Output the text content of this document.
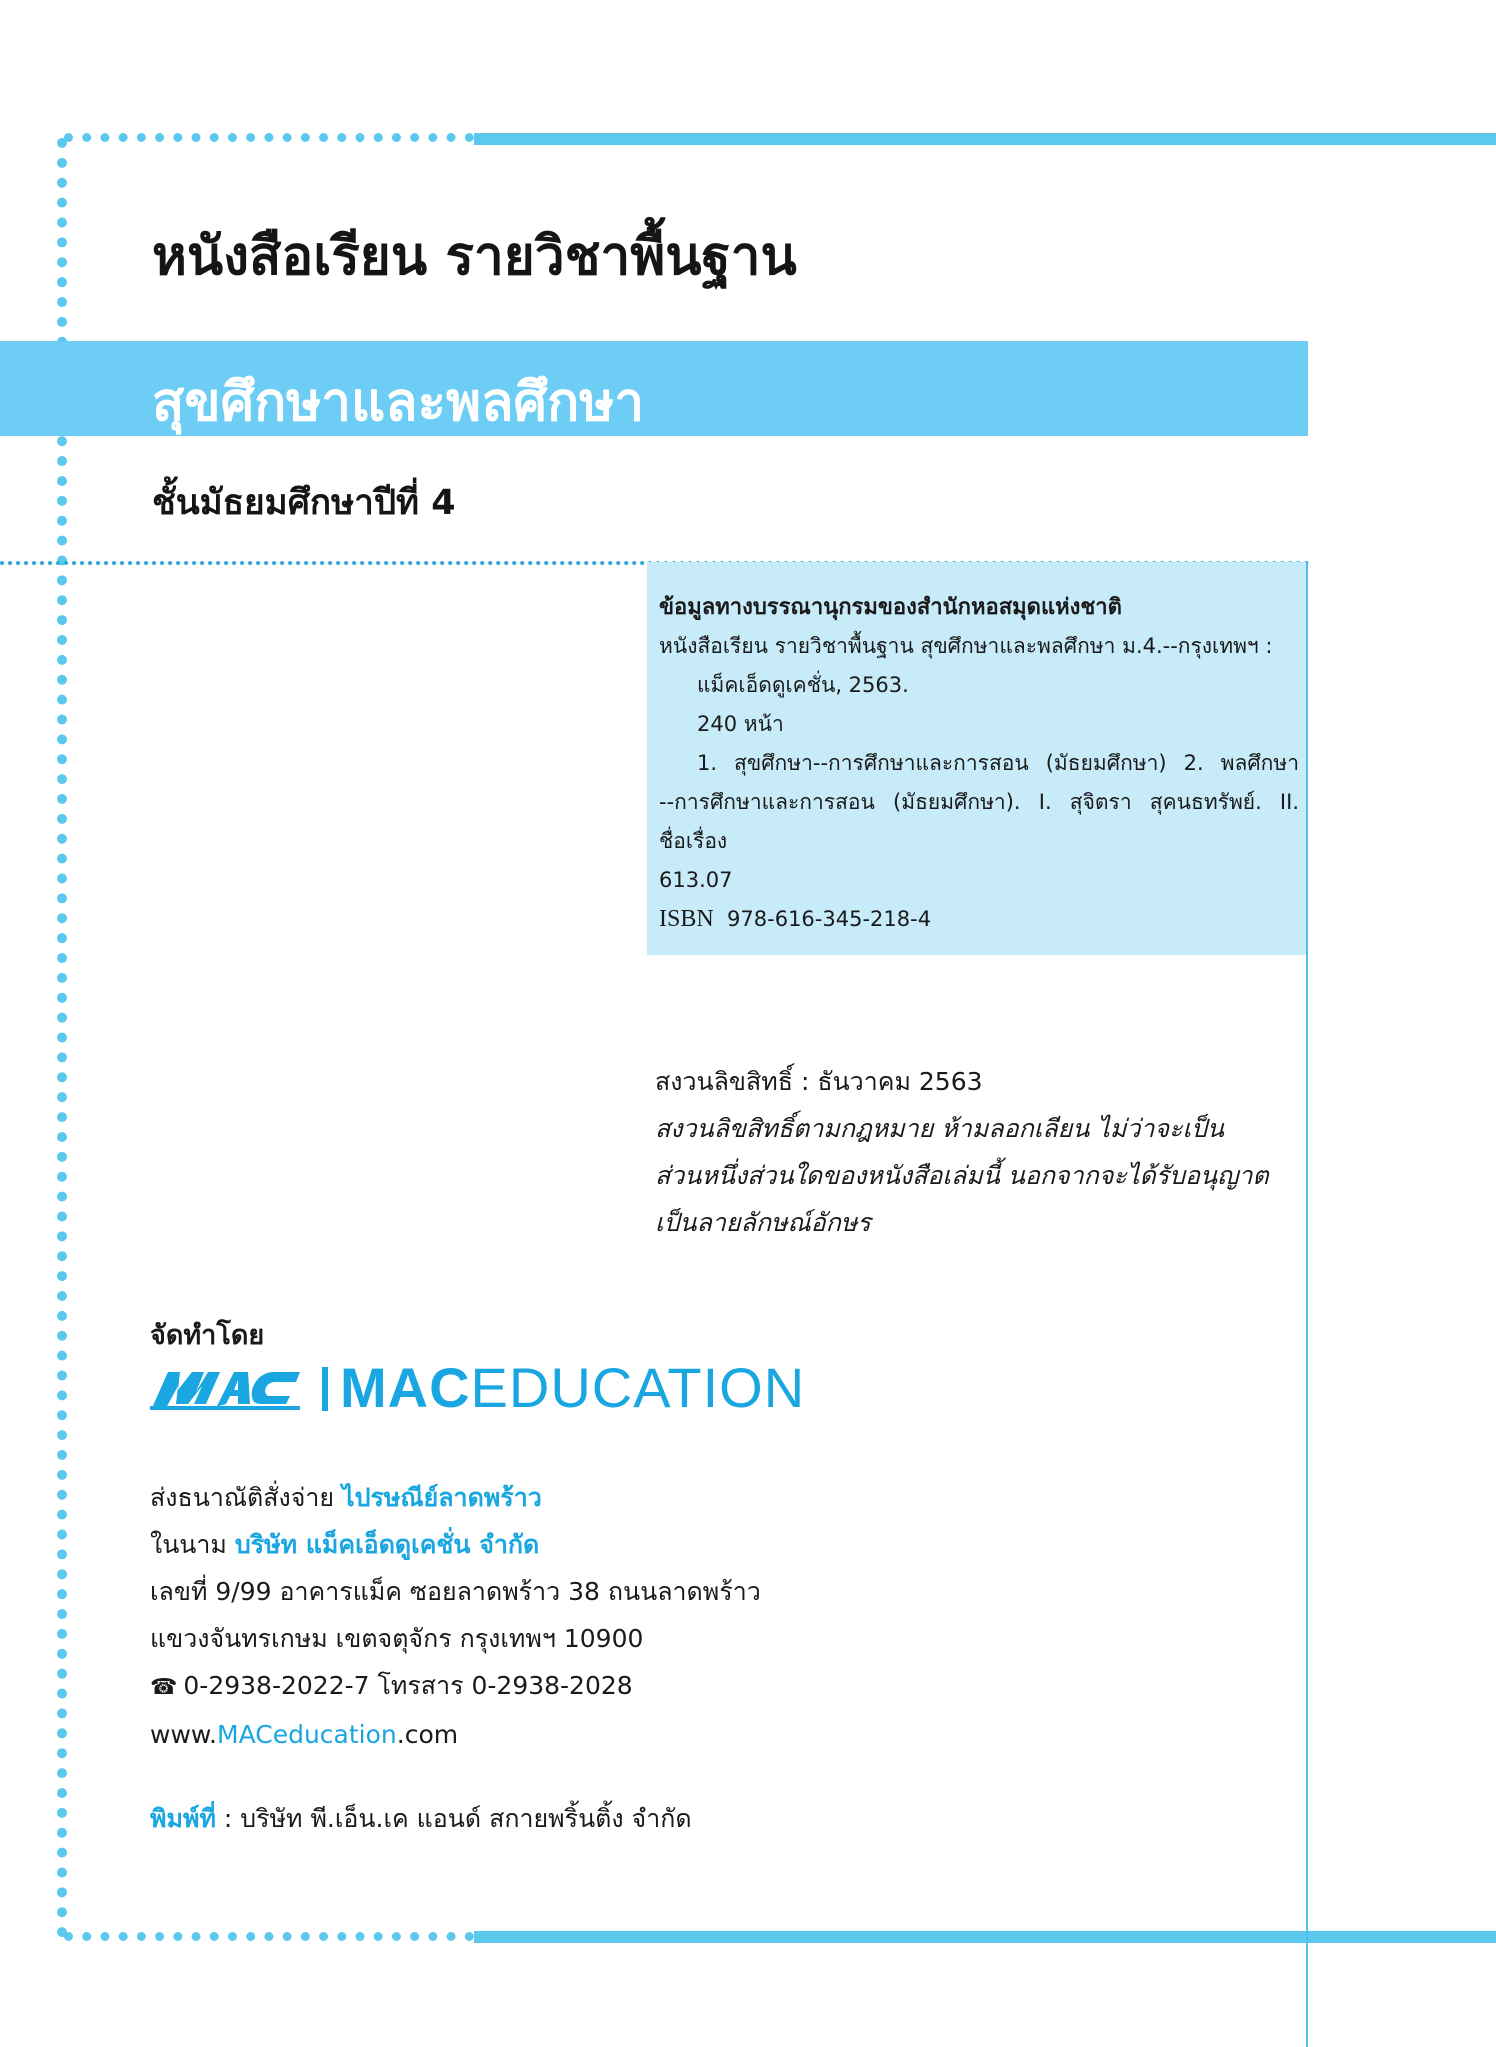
หนังสือเรียน รายวิชาพื้นฐาน
สุขศึกษาและพลศึกษา
ชั้นมัธยมศึกษาปีที่ 4
ข้อมูลทางบรรณานุกรมของสำนักหอสมุดแห่งชาติ
หนังสือเรียน รายวิชาพื้นฐาน สุขศึกษาและพลศึกษา ม.4.--กรุงเทพฯ :
แม็คเอ็ดดูเคชั่น, 2563.
240 หน้า
1. สุขศึกษา--การศึกษาและการสอน (มัธยมศึกษา) 2. พลศึกษา
--การศึกษาและการสอน (มัธยมศึกษา). I. สุจิตรา สุคนธทรัพย์. II.
ชื่อเรื่อง
613.07
ISBN 978-616-345-218-4
สงวนลิขสิทธิ์ : ธันวาคม 2563
สงวนลิขสิทธิ์ตามกฎหมาย ห้ามลอกเลียน ไม่ว่าจะเป็น
ส่วนหนึ่งส่วนใดของหนังสือเล่มนี้ นอกจากจะได้รับอนุญาต
เป็นลายลักษณ์อักษร
จัดทำโดย
MACEDUCATION
ส่งธนาณัติสั่งจ่าย ไปรษณีย์ลาดพร้าว
ในนาม บริษัท แม็คเอ็ดดูเคชั่น จำกัด
เลขที่ 9/99 อาคารแม็ค ซอยลาดพร้าว 38 ถนนลาดพร้าว
แขวงจันทรเกษม เขตจตุจักร กรุงเทพฯ 10900
☎ 0-2938-2022-7 โทรสาร 0-2938-2028
www.MACeducation.com
พิมพ์ที่ : บริษัท พี.เอ็น.เค แอนด์ สกายพริ้นติ้ง จำกัด
